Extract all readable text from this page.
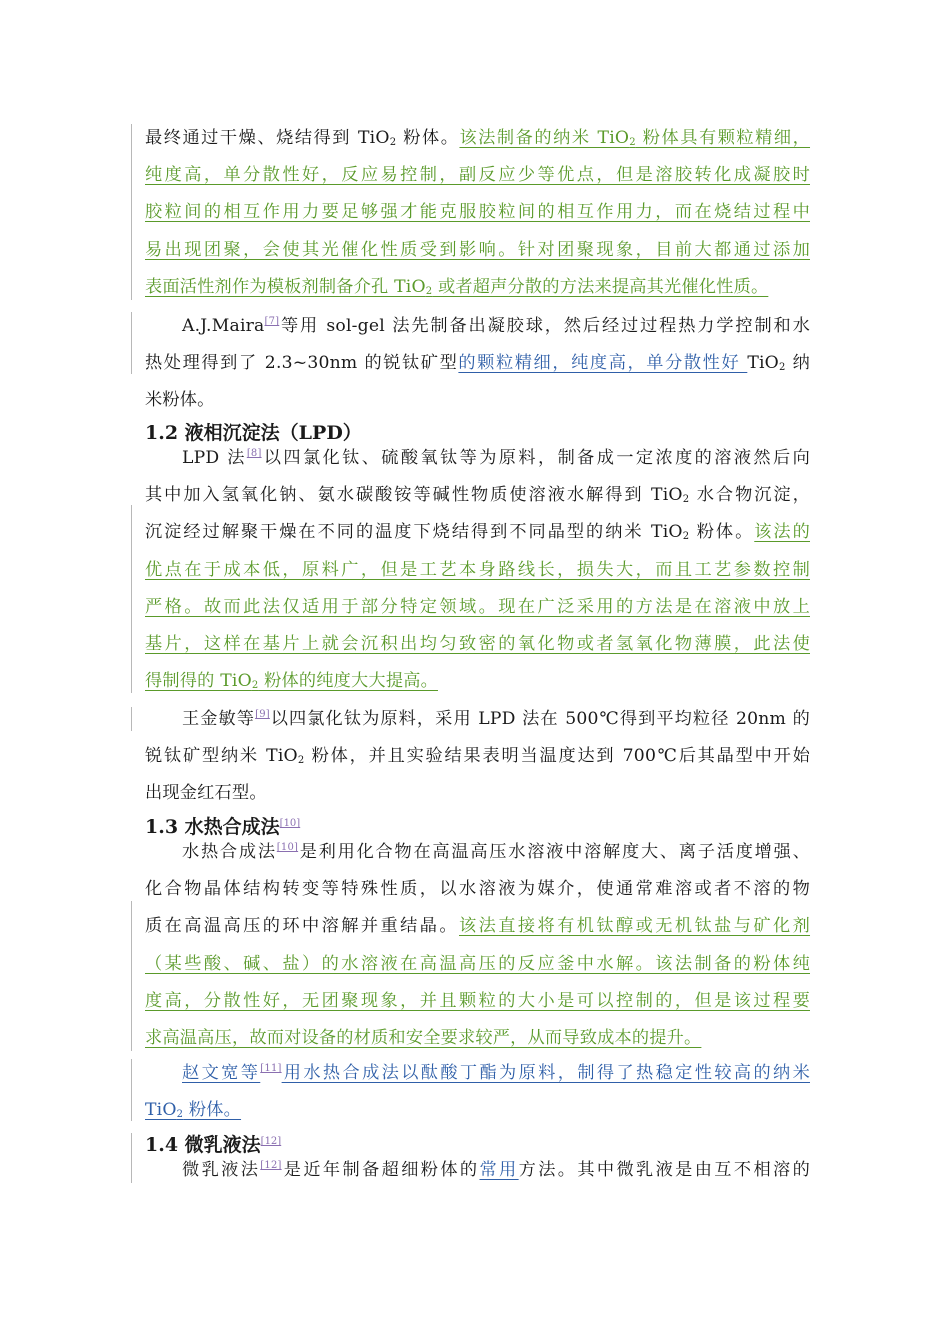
最终通过干燥、烧结得到 TiO$_2$ 粉体。该法制备的纳米 TiO$_2$ 粉体具有颗粒精细，
纯度高，单分散性好，反应易控制，副反应少等优点，但是溶胶转化成凝胶时
胶粒间的相互作用力要足够强才能克服胶粒间的相互作用力，而在烧结过程中
易出现团聚，会使其光催化性质受到影响。针对团聚现象，目前大都通过添加
表面活性剂作为模板剂制备介孔 TiO$_2$ 或者超声分散的方法来提高其光催化性质。
A.J.Maira[7]等用 sol-gel 法先制备出凝胶球，然后经过过程热力学控制和水
热处理得到了 2.3~30nm 的锐钛矿型的颗粒精细，纯度高，单分散性好 TiO$_2$ 纳
米粉体。
1.2 液相沉淀法（LPD）
LPD 法[8]以四氯化钛、硫酸氧钛等为原料，制备成一定浓度的溶液然后向
其中加入氢氧化钠、氨水碳酸铵等碱性物质使溶液水解得到 TiO$_2$ 水合物沉淀，
沉淀经过解聚干燥在不同的温度下烧结得到不同晶型的纳米 TiO$_2$ 粉体。该法的
优点在于成本低，原料广，但是工艺本身路线长，损失大，而且工艺参数控制
严格。故而此法仅适用于部分特定领域。现在广泛采用的方法是在溶液中放上
基片，这样在基片上就会沉积出均匀致密的氧化物或者氢氧化物薄膜，此法使
得制得的 TiO$_2$ 粉体的纯度大大提高。
王金敏等[9]以四氯化钛为原料，采用 LPD 法在 500℃得到平均粒径 20nm 的
锐钛矿型纳米 TiO$_2$ 粉体，并且实验结果表明当温度达到 700℃后其晶型中开始
出现金红石型。
1.3 水热合成法[10]
水热合成法[10]是利用化合物在高温高压水溶液中溶解度大、离子活度增强、
化合物晶体结构转变等特殊性质，以水溶液为媒介，使通常难溶或者不溶的物
质在高温高压的环中溶解并重结晶。该法直接将有机钛醇或无机钛盐与矿化剂
（某些酸、碱、盐）的水溶液在高温高压的反应釜中水解。该法制备的粉体纯
度高，分散性好，无团聚现象，并且颗粒的大小是可以控制的，但是该过程要
求高温高压，故而对设备的材质和安全要求较严，从而导致成本的提升。
赵文宽等[11]用水热合成法以酞酸丁酯为原料，制得了热稳定性较高的纳米
TiO$_2$ 粉体。
1.4 微乳液法[12]
微乳液法[12]是近年制备超细粉体的常用方法。其中微乳液是由互不相溶的
